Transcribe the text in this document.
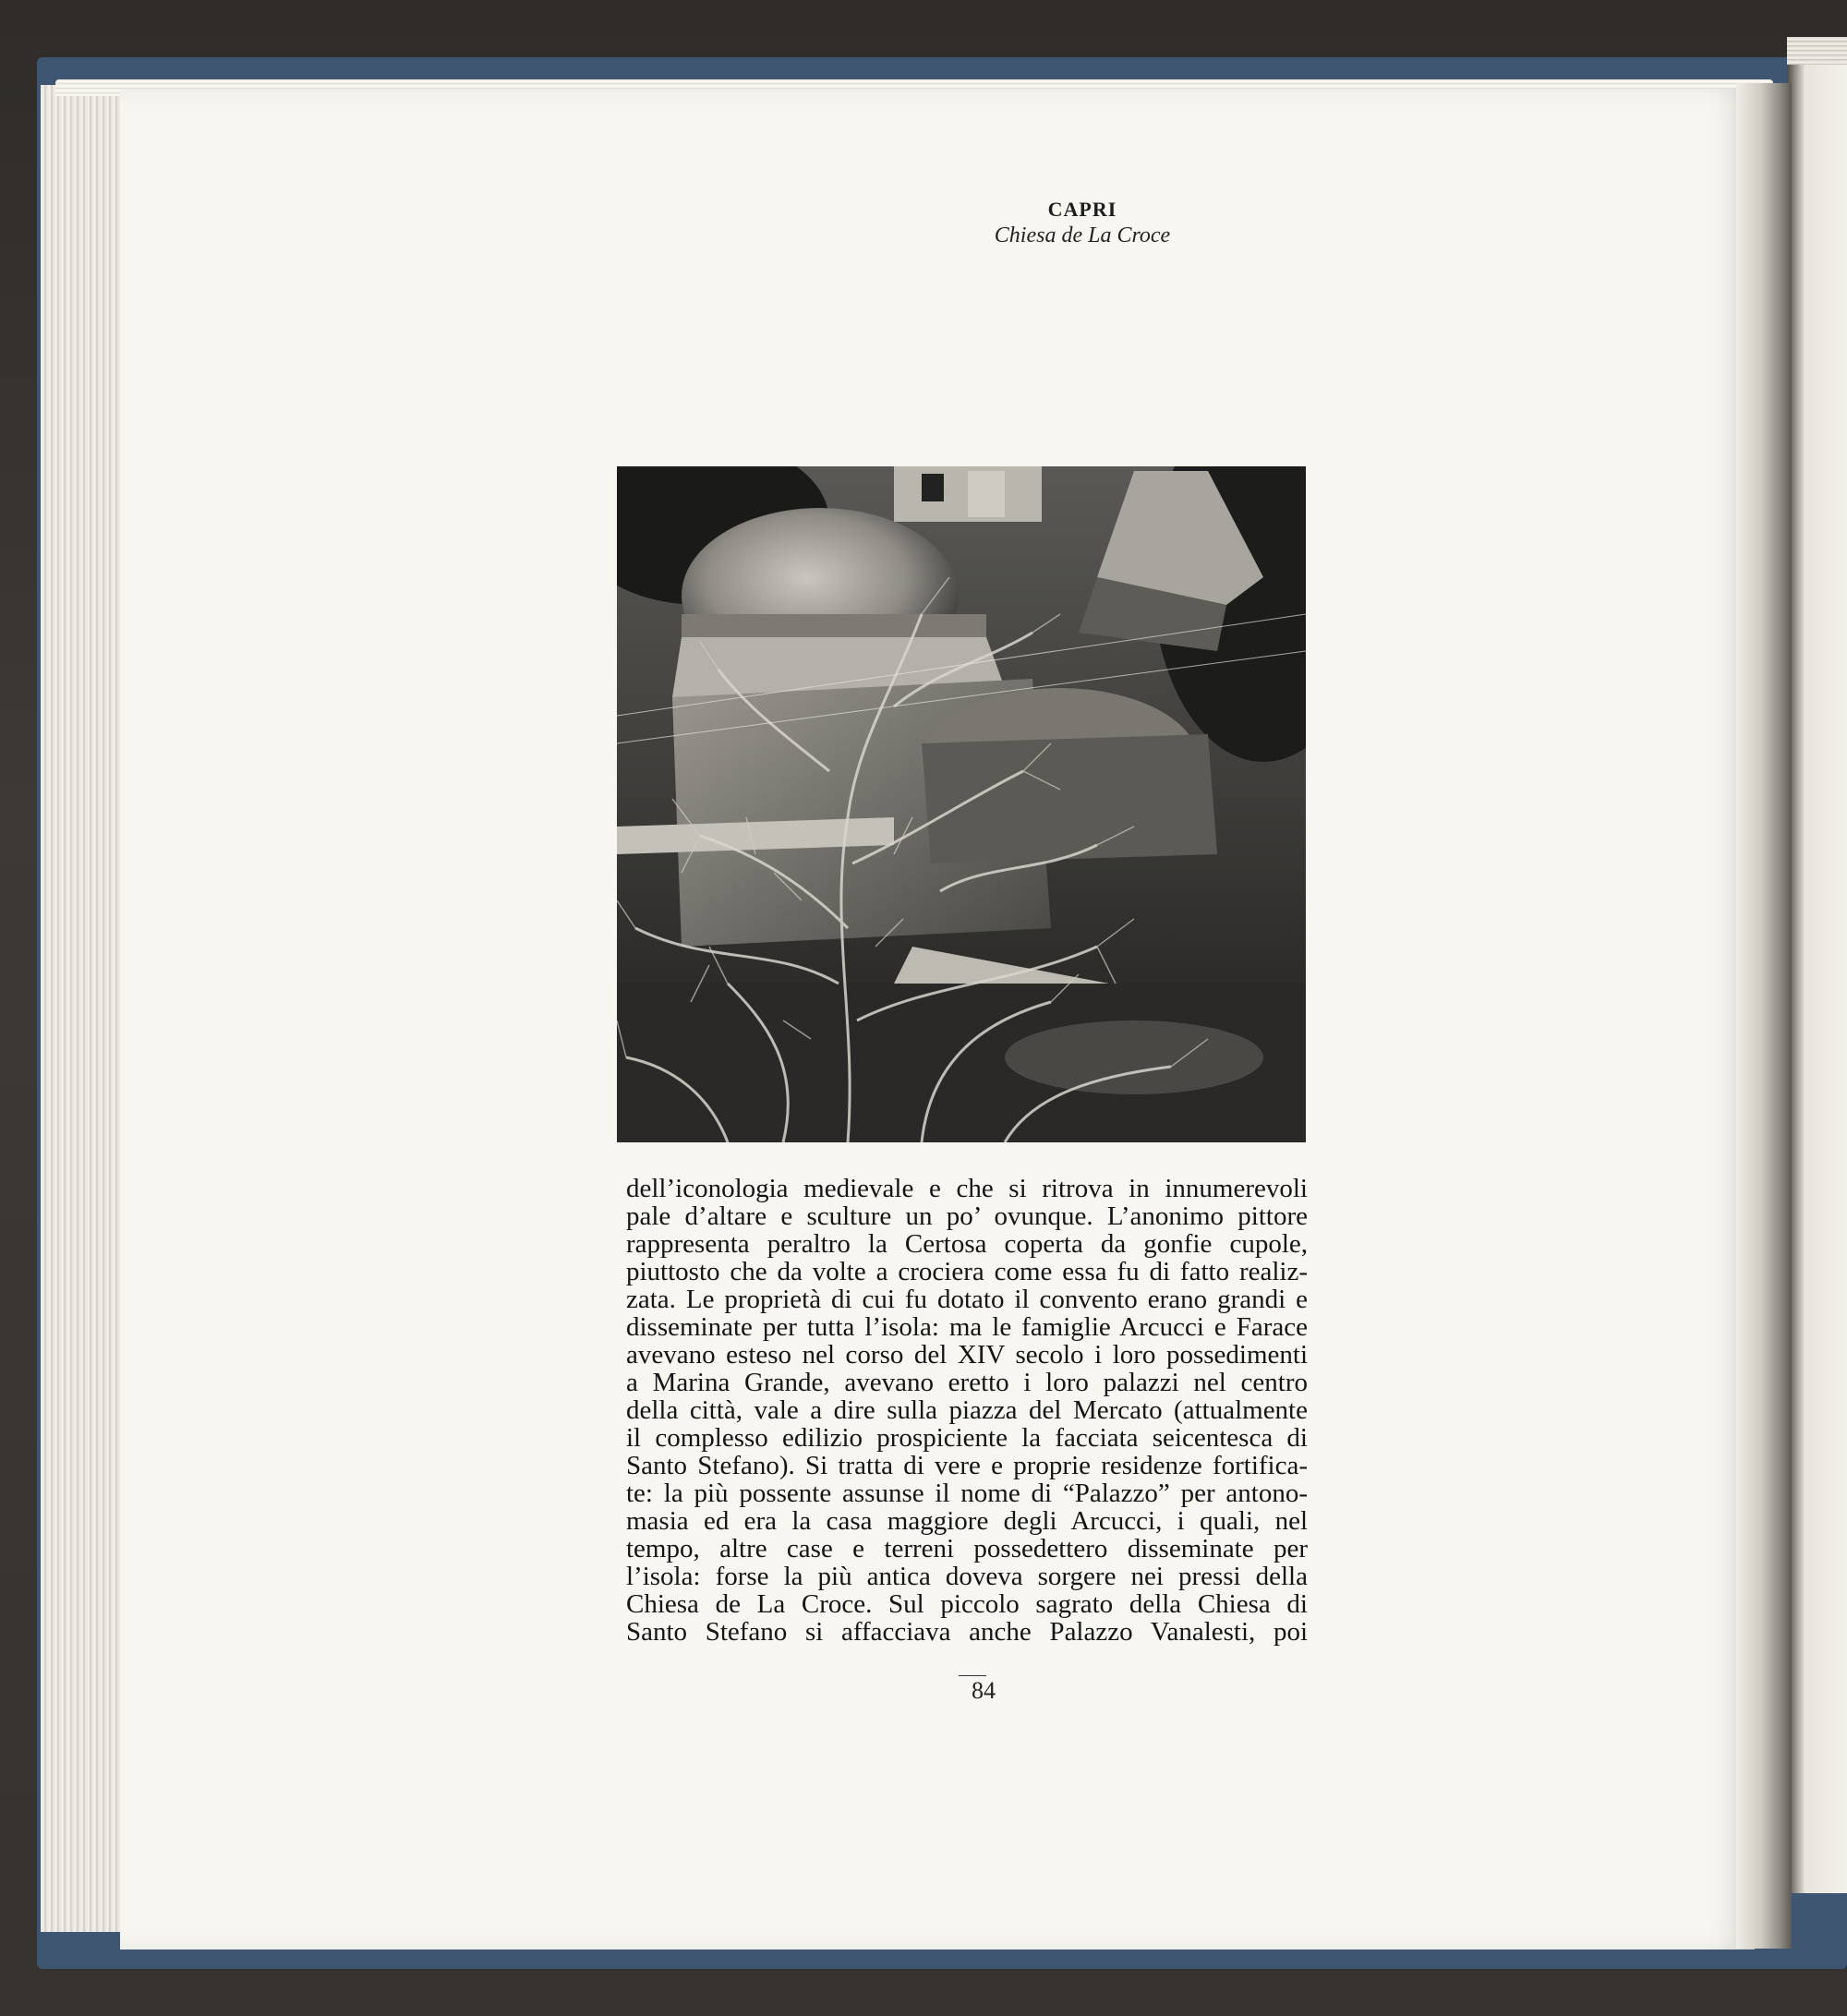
CAPRI
Chiesa de La Croce
dell’iconologia medievale e che si ritrova in innumerevoli
pale d’altare e sculture un po’ ovunque. L’anonimo pittore
rappresenta peraltro la Certosa coperta da gonfie cupole,
piuttosto che da volte a crociera come essa fu di fatto realiz-
zata. Le proprietà di cui fu dotato il convento erano grandi e
disseminate per tutta l’isola: ma le famiglie Arcucci e Farace
avevano esteso nel corso del XIV secolo i loro possedimenti
a Marina Grande, avevano eretto i loro palazzi nel centro
della città, vale a dire sulla piazza del Mercato (attualmente
il complesso edilizio prospiciente la facciata seicentesca di
Santo Stefano). Si tratta di vere e proprie residenze fortifica-
te: la più possente assunse il nome di “Palazzo” per antono-
masia ed era la casa maggiore degli Arcucci, i quali, nel
tempo, altre case e terreni possedettero disseminate per
l’isola: forse la più antica doveva sorgere nei pressi della
Chiesa de La Croce. Sul piccolo sagrato della Chiesa di
Santo Stefano si affacciava anche Palazzo Vanalesti, poi
84
